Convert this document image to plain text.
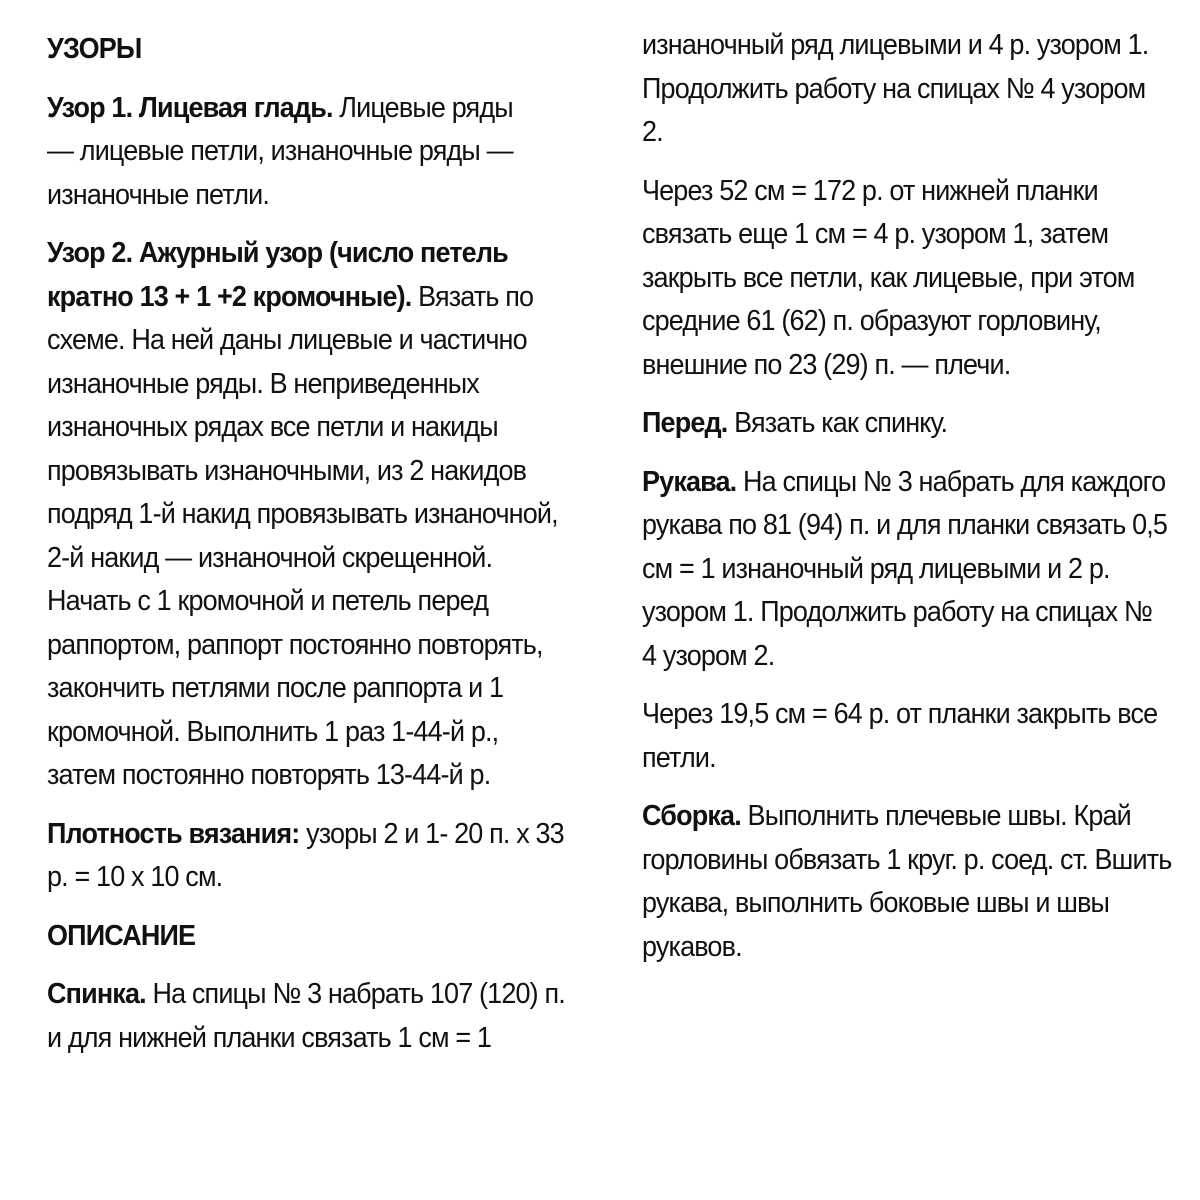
УЗОРЫ

Узор 1. Лицевая гладь. Лицевые ряды — лицевые петли, изнаночные ряды — изнаночные петли.

Узор 2. Ажурный узор (число петель кратно 13 + 1 +2 кромочные). Вязать по схеме. На ней даны лицевые и частично изнаночные ряды. В неприведенных изнаночных рядах все петли и накиды провязывать изнаночными, из 2 накидов подряд 1-й накид провязывать изнаночной, 2-й накид — изнаночной скрещенной. Начать с 1 кромочной и петель перед раппортом, раппорт постоянно повторять, закончить петлями после раппорта и 1 кромочной. Выполнить 1 раз 1-44-й р., затем постоянно повторять 13-44-й р.

Плотность вязания: узоры 2 и 1- 20 п. х 33 р. = 10 х 10 см.

ОПИСАНИЕ

Спинка. На спицы № 3 набрать 107 (120) п. и для нижней планки связать 1 см = 1

изнаночный ряд лицевыми и 4 р. узором 1. Продолжить работу на спицах № 4 узором 2.

Через 52 см = 172 р. от нижней планки связать еще 1 см = 4 р. узором 1, затем закрыть все петли, как лицевые, при этом средние 61 (62) п. образуют горловину, внешние по 23 (29) п. — плечи.

Перед. Вязать как спинку.

Рукава. На спицы № 3 набрать для каждого рукава по 81 (94) п. и для планки связать 0,5 см = 1 изнаночный ряд лицевыми и 2 р. узором 1. Продолжить работу на спицах № 4 узором 2.

Через 19,5 см = 64 р. от планки закрыть все петли.

Сборка. Выполнить плечевые швы. Край горловины обвязать 1 круг. р. соед. ст. Вшить рукава, выполнить боковые швы и швы рукавов.
